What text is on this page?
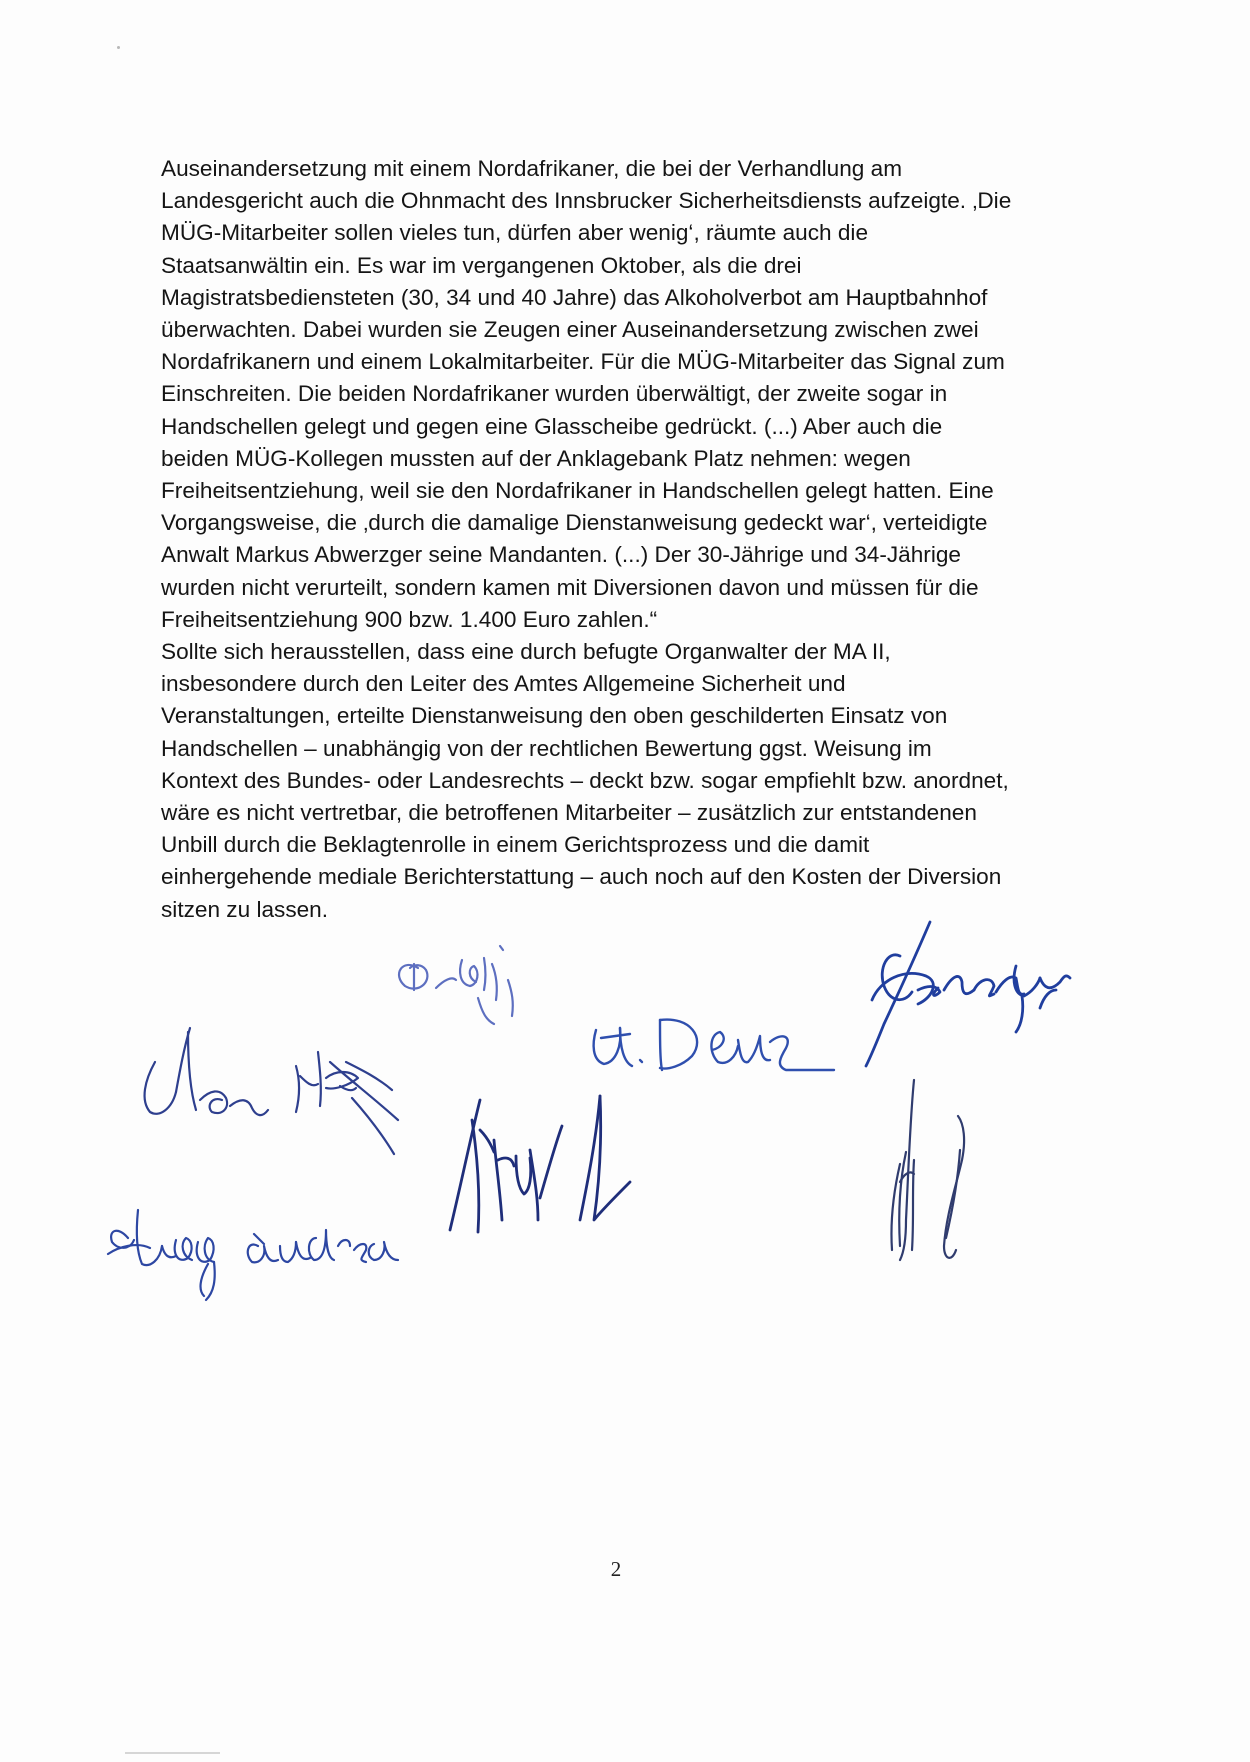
Auseinandersetzung mit einem Nordafrikaner, die bei der Verhandlung am
Landesgericht auch die Ohnmacht des Innsbrucker Sicherheitsdiensts aufzeigte. ‚Die
MÜG-Mitarbeiter sollen vieles tun, dürfen aber wenig‘, räumte auch die
Staatsanwältin ein. Es war im vergangenen Oktober, als die drei
Magistratsbediensteten (30, 34 und 40 Jahre) das Alkoholverbot am Hauptbahnhof
überwachten. Dabei wurden sie Zeugen einer Auseinandersetzung zwischen zwei
Nordafrikanern und einem Lokalmitarbeiter. Für die MÜG-Mitarbeiter das Signal zum
Einschreiten. Die beiden Nordafrikaner wurden überwältigt, der zweite sogar in
Handschellen gelegt und gegen eine Glasscheibe gedrückt. (...) Aber auch die
beiden MÜG-Kollegen mussten auf der Anklagebank Platz nehmen: wegen
Freiheitsentziehung, weil sie den Nordafrikaner in Handschellen gelegt hatten. Eine
Vorgangsweise, die ‚durch die damalige Dienstanweisung gedeckt war‘, verteidigte
Anwalt Markus Abwerzger seine Mandanten. (...) Der 30-Jährige und 34-Jährige
wurden nicht verurteilt, sondern kamen mit Diversionen davon und müssen für die
Freiheitsentziehung 900 bzw. 1.400 Euro zahlen.“
Sollte sich herausstellen, dass eine durch befugte Organwalter der MA II,
insbesondere durch den Leiter des Amtes Allgemeine Sicherheit und
Veranstaltungen, erteilte Dienstanweisung den oben geschilderten Einsatz von
Handschellen – unabhängig von der rechtlichen Bewertung ggst. Weisung im
Kontext des Bundes- oder Landesrechts – deckt bzw. sogar empfiehlt bzw. anordnet,
wäre es nicht vertretbar, die betroffenen Mitarbeiter – zusätzlich zur entstandenen
Unbill durch die Beklagtenrolle in einem Gerichtsprozess und die damit
einhergehende mediale Berichterstattung – auch noch auf den Kosten der Diversion
sitzen zu lassen.
2
